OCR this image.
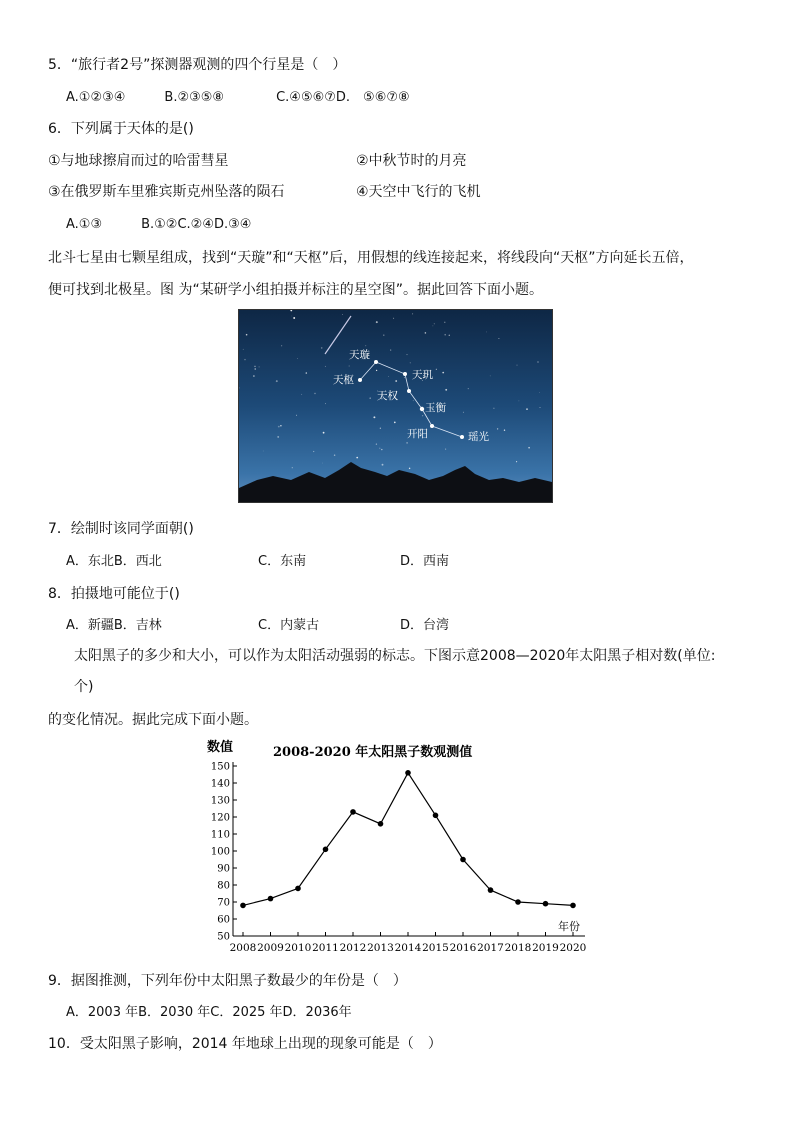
5．“旅行者2号”探测器观测的四个行星是（　）
A.①②③④　　　B.②③⑤⑧　　　　C.④⑤⑥⑦D.　⑤⑥⑦⑧
6．下列属于天体的是()
①与地球擦肩而过的哈雷彗星	②中秋节时的月亮
③在俄罗斯车里雅宾斯克州坠落的陨石	④天空中飞行的飞机
A.①③　　　B.①②C.②④D.③④
北斗七星由七颗星组成，找到“天璇”和“天枢”后，用假想的线连接起来，将线段向“天枢”方向延长五倍，
便可找到北极星。图 为“某研学小组拍摄并标注的星空图”。据此回答下面小题。
天璇
天枢	天玑
天权
玉衡
开阳	瑶光
7．绘制时该同学面朝()
A．东北B．西北	C．东南	D．西南
8．拍摄地可能位于()
A．新疆B．吉林	C．内蒙古	D．台湾
太阳黑子的多少和大小，可以作为太阳活动强弱的标志。下图示意2008—2020年太阳黑子相对数(单位:
个)
的变化情况。据此完成下面小题。
数值	2008-2020 年太阳黑子数观测值
年份
50
60
70
80
90
100
110
120
130
140
150
2008 2009 2010 2011 2012 2013 2014 2015 2016 2017 2018 2019 2020
9．据图推测，下列年份中太阳黑子数最少的年份是（　）
A．2003 年B．2030 年C．2025 年D．2036年
10．受太阳黑子影响，2014 年地球上出现的现象可能是（　）
